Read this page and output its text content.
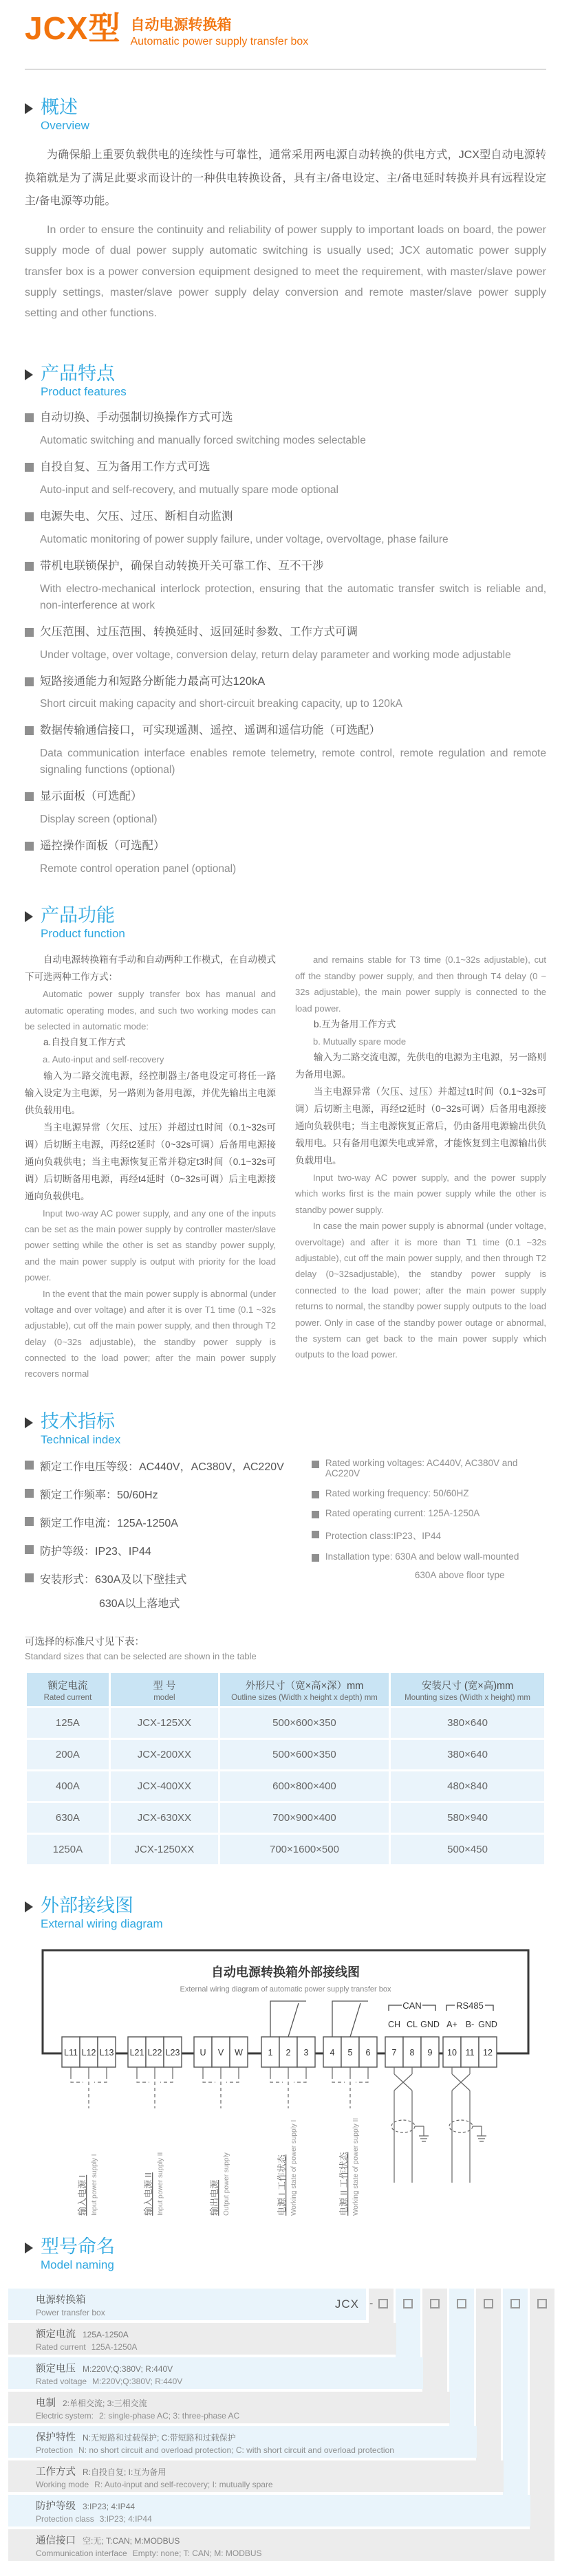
JCX型 自动电源转换箱
Automatic power supply transfer box
概述
Overview

为确保船上重要负载供电的连续性与可靠性，通常采用两电源自动转换的供电方式，JCX型自动电源转换箱就是为了满足此要求而设计的一种供电转换设备，具有主/备电设定、主/备电延时转换并具有远程设定主/备电源等功能。

In order to ensure the continuity and reliability of power supply to important loads on board, the power supply mode of dual power supply automatic switching is usually used; JCX automatic power supply transfer box is a power conversion equipment designed to meet the requirement, with master/slave power supply settings, master/slave power supply delay conversion and remote master/slave power supply setting and other functions.

产品特点
Product features
自动切换、手动强制切换操作方式可选
Automatic switching and manually forced switching modes selectable
自投自复、互为备用工作方式可选
Auto-input and self-recovery, and mutually spare mode optional
电源失电、欠压、过压、断相自动监测
Automatic monitoring of power supply failure, under voltage, overvoltage, phase failure
带机电联锁保护，确保自动转换开关可靠工作、互不干涉
With electro-mechanical interlock protection, ensuring that the automatic transfer switch is reliable and, non-interference at work
欠压范围、过压范围、转换延时、返回延时参数、工作方式可调
Under voltage, over voltage, conversion delay, return delay parameter and working mode adjustable
短路接通能力和短路分断能力最高可达120kA
Short circuit making capacity and short-circuit breaking capacity, up to 120kA
数据传输通信接口，可实现遥测、遥控、遥调和遥信功能（可选配）
Data communication interface enables remote telemetry, remote control, remote regulation and remote signaling functions (optional)
显示面板（可选配）
Display screen (optional)
遥控操作面板（可选配）
Remote control operation panel (optional)
产品功能
Product function

自动电源转换箱有手动和自动两种工作模式，在自动模式下可选两种工作方式：

Automatic power supply transfer box has manual and automatic operating modes, and such two working modes can be selected in automatic mode:

a.自投自复工作方式

a. Auto-input and self-recovery

输入为二路交流电源，经控制器主/备电设定可将任一路输入设定为主电源，另一路则为备用电源，并优先输出主电源供负载用电。

当主电源异常（欠压、过压）并超过t1时间（0.1~32s可调）后切断主电源，再经t2延时（0~32s可调）后备用电源接通向负载供电；当主电源恢复正常并稳定t3时间（0.1~32s可调）后切断备用电源，再经t4延时（0~32s可调）后主电源接通向负载供电。

Input two-way AC power supply, and any one of the inputs can be set as the main power supply by controller master/slave power setting while the other is set as standby power supply, and the main power supply is output with priority for the load power.

In the event that the main power supply is abnormal (under voltage and over voltage) and after it is over T1 time (0.1 ~32s adjustable), cut off the main power supply, and then through T2 delay (0~32s adjustable), the standby power supply is connected to the load power; after the main power supply recovers normal

and remains stable for T3 time (0.1~32s adjustable), cut off the standby power supply, and then through T4 delay (0 ~ 32s adjustable), the main power supply is connected to the load power.

b.互为备用工作方式

b. Mutually spare mode

输入为二路交流电源，先供电的电源为主电源，另一路则为备用电源。

当主电源异常（欠压、过压）并超过t1时间（0.1~32s可调）后切断主电源，再经t2延时（0~32s可调）后备用电源接通向负载供电；当主电源恢复正常后，仍由备用电源输出供负载用电。只有备用电源失电或异常，才能恢复到主电源输出供负载用电。

Input two-way AC power supply, and the power supply which works first is the main power supply while the other is standby power supply.

In case the main power supply is abnormal (under voltage, overvoltage) and after it is more than T1 time (0.1 ~32s adjustable), cut off the main power supply, and then through T2 delay (0~32sadjustable), the standby power supply is connected to the load power; after the main power supply returns to normal, the standby power supply outputs to the load power. Only in case of the standby power outage or abnormal, the system can get back to the main power supply which outputs to the load power.

技术指标
Technical index
额定工作电压等级：AC440V，AC380V，AC220V
额定工作频率：50/60Hz
额定工作电流：125A-1250A
防护等级：IP23、IP44
安装形式：630A及以下壁挂式
630A以上落地式
Rated working voltages: AC440V, AC380V and AC220V
Rated working frequency: 50/60HZ
Rated operating current: 125A-1250A
Protection class:IP23、IP44
Installation type: 630A and below wall-mounted
630A above floor type
可选择的标准尺寸见下表：
Standard sizes that can be selected are shown in the table
额定电流
Rated current	型 号
model	外形尺寸（宽×高×深）mm
Outline sizes (Width x height x depth) mm	安装尺寸 (宽×高)mm
Mounting sizes (Width x height) mm

125A	JCX-125XX	500×600×350	380×640
200A	JCX-200XX	500×600×350	380×640
400A	JCX-400XX	600×800×400	480×840
630A	JCX-630XX	700×900×400	580×940
1250A	JCX-1250XX	700×1600×500	500×450
外部接线图
External wiring diagram
自动电源转换箱外部接线图
External wiring diagram of automatic power supply transfer box
CAN	RS485
CH CL GND A+ B- GND
L11 L12 L13 L21 L22 L23 U V W	1 2 3 4 5 6 7 8 9 10 11 12
输入电源 I Input power supply I	输入电源 II Input power supply II	输出电源 Output power supply	电源 I 工作状态 Working state of power supply I	电源 II 工作状态 Working state of power supply II
型号命名
Model naming
-
电源转换箱
Power transfer box
JCX
额定电流 125A-1250A
Rated current 125A-1250A
额定电压 M:220V;Q:380V; R:440V
Rated voltage M:220V;Q:380V; R:440V
电制 2:单相交流; 3:三相交流
Electric system: 2: single-phase AC; 3: three-phase AC
保护特性 N:无短路和过载保护; C:带短路和过载保护
Protection N: no short circuit and overload protection; C: with short circuit and overload protection
工作方式 R:自投自复; I:互为备用
Working mode R: Auto-input and self-recovery; I: mutually spare
防护等级 3:IP23; 4:IP44
Protection class 3:IP23; 4:IP44
通信接口 空:无; T:CAN; M:MODBUS
Communication interface Empty: none; T: CAN; M: MODBUS
